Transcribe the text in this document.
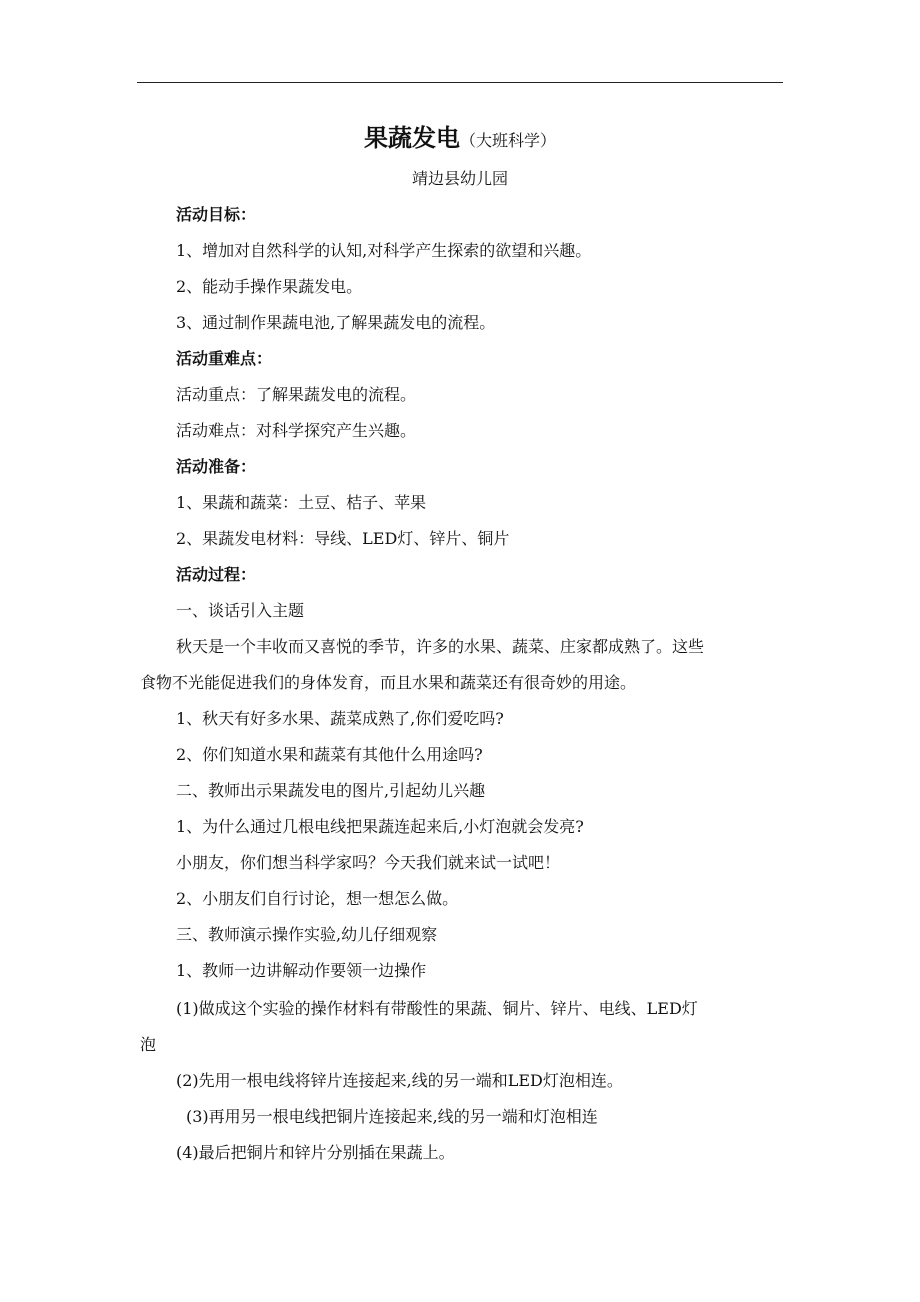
果蔬发电（大班科学）
靖边县幼儿园
活动目标：
1、增加对自然科学的认知,对科学产生探索的欲望和兴趣。
2、能动手操作果蔬发电。
3、通过制作果蔬电池,了解果蔬发电的流程。
活动重难点：
活动重点：了解果蔬发电的流程。
活动难点：对科学探究产生兴趣。
活动准备：
1、果蔬和蔬菜：土豆、桔子、苹果
2、果蔬发电材料：导线、LED灯、锌片、铜片
活动过程：
一、谈话引入主题
秋天是一个丰收而又喜悦的季节，许多的水果、蔬菜、庄家都成熟了。这些
食物不光能促进我们的身体发育，而且水果和蔬菜还有很奇妙的用途。
1、秋天有好多水果、蔬菜成熟了,你们爱吃吗?
2、你们知道水果和蔬菜有其他什么用途吗?
二、教师出示果蔬发电的图片,引起幼儿兴趣
1、为什么通过几根电线把果蔬连起来后,小灯泡就会发亮?
小朋友，你们想当科学家吗？今天我们就来试一试吧！
2、小朋友们自行讨论，想一想怎么做。
三、教师演示操作实验,幼儿仔细观察
1、教师一边讲解动作要领一边操作
(1)做成这个实验的操作材料有带酸性的果蔬、铜片、锌片、电线、LED灯
泡
(2)先用一根电线将锌片连接起来,线的另一端和LED灯泡相连。
(3)再用另一根电线把铜片连接起来,线的另一端和灯泡相连
(4)最后把铜片和锌片分别插在果蔬上。
